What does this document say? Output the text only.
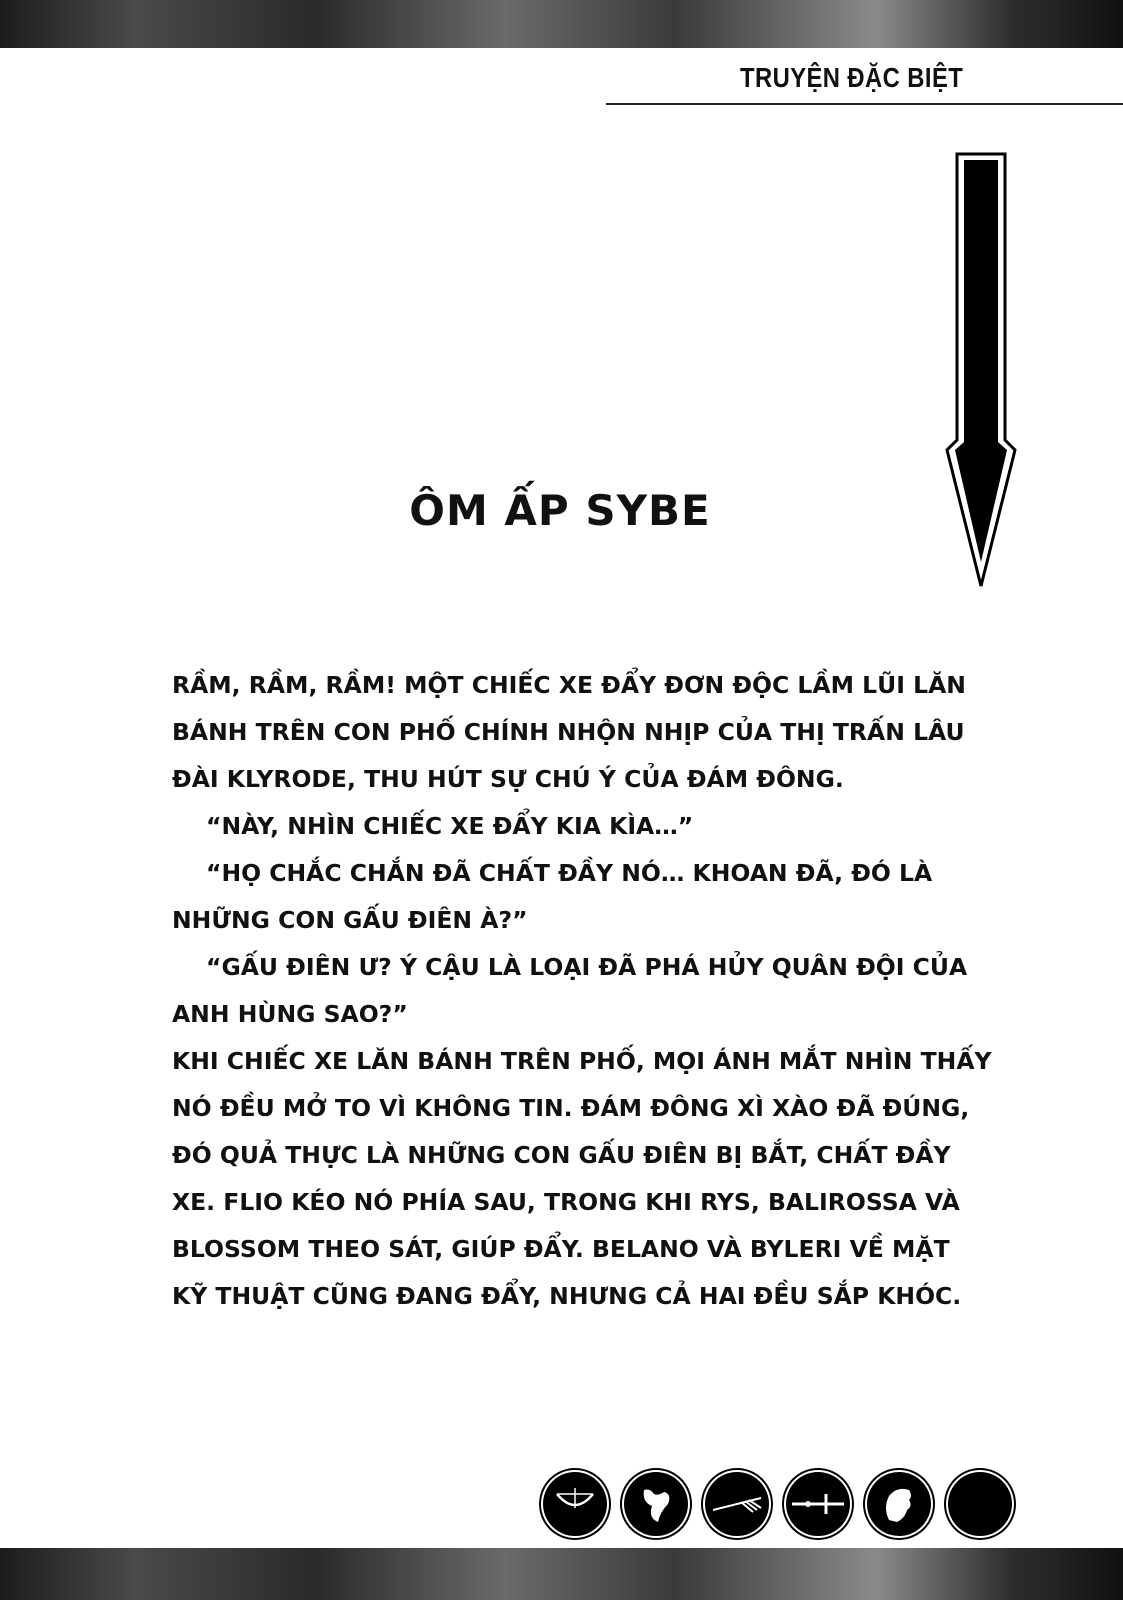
TRUYỆN ĐẶC BIỆT
ÔM ẤP SYBE
RẦM, RẦM, RẦM! MỘT CHIẾC XE ĐẨY ĐƠN ĐỘC LẦM LŨI LĂN
BÁNH TRÊN CON PHỐ CHÍNH NHỘN NHỊP CỦA THỊ TRẤN LÂU
ĐÀI KLYRODE, THU HÚT SỰ CHÚ Ý CỦA ĐÁM ĐÔNG.
“NÀY, NHÌN CHIẾC XE ĐẨY KIA KÌA…”
“HỌ CHẮC CHẮN ĐÃ CHẤT ĐẦY NÓ… KHOAN ĐÃ, ĐÓ LÀ
NHỮNG CON GẤU ĐIÊN À?”
“GẤU ĐIÊN Ư? Ý CẬU LÀ LOẠI ĐÃ PHÁ HỦY QUÂN ĐỘI CỦA
ANH HÙNG SAO?”
KHI CHIẾC XE LĂN BÁNH TRÊN PHỐ, MỌI ÁNH MẮT NHÌN THẤY
NÓ ĐỀU MỞ TO VÌ KHÔNG TIN. ĐÁM ĐÔNG XÌ XÀO ĐÃ ĐÚNG,
ĐÓ QUẢ THỰC LÀ NHỮNG CON GẤU ĐIÊN BỊ BẮT, CHẤT ĐẦY
XE. FLIO KÉO NÓ PHÍA SAU, TRONG KHI RYS, BALIROSSA VÀ
BLOSSOM THEO SÁT, GIÚP ĐẨY. BELANO VÀ BYLERI VỀ MẶT
KỸ THUẬT CŨNG ĐANG ĐẨY, NHƯNG CẢ HAI ĐỀU SẮP KHÓC.
